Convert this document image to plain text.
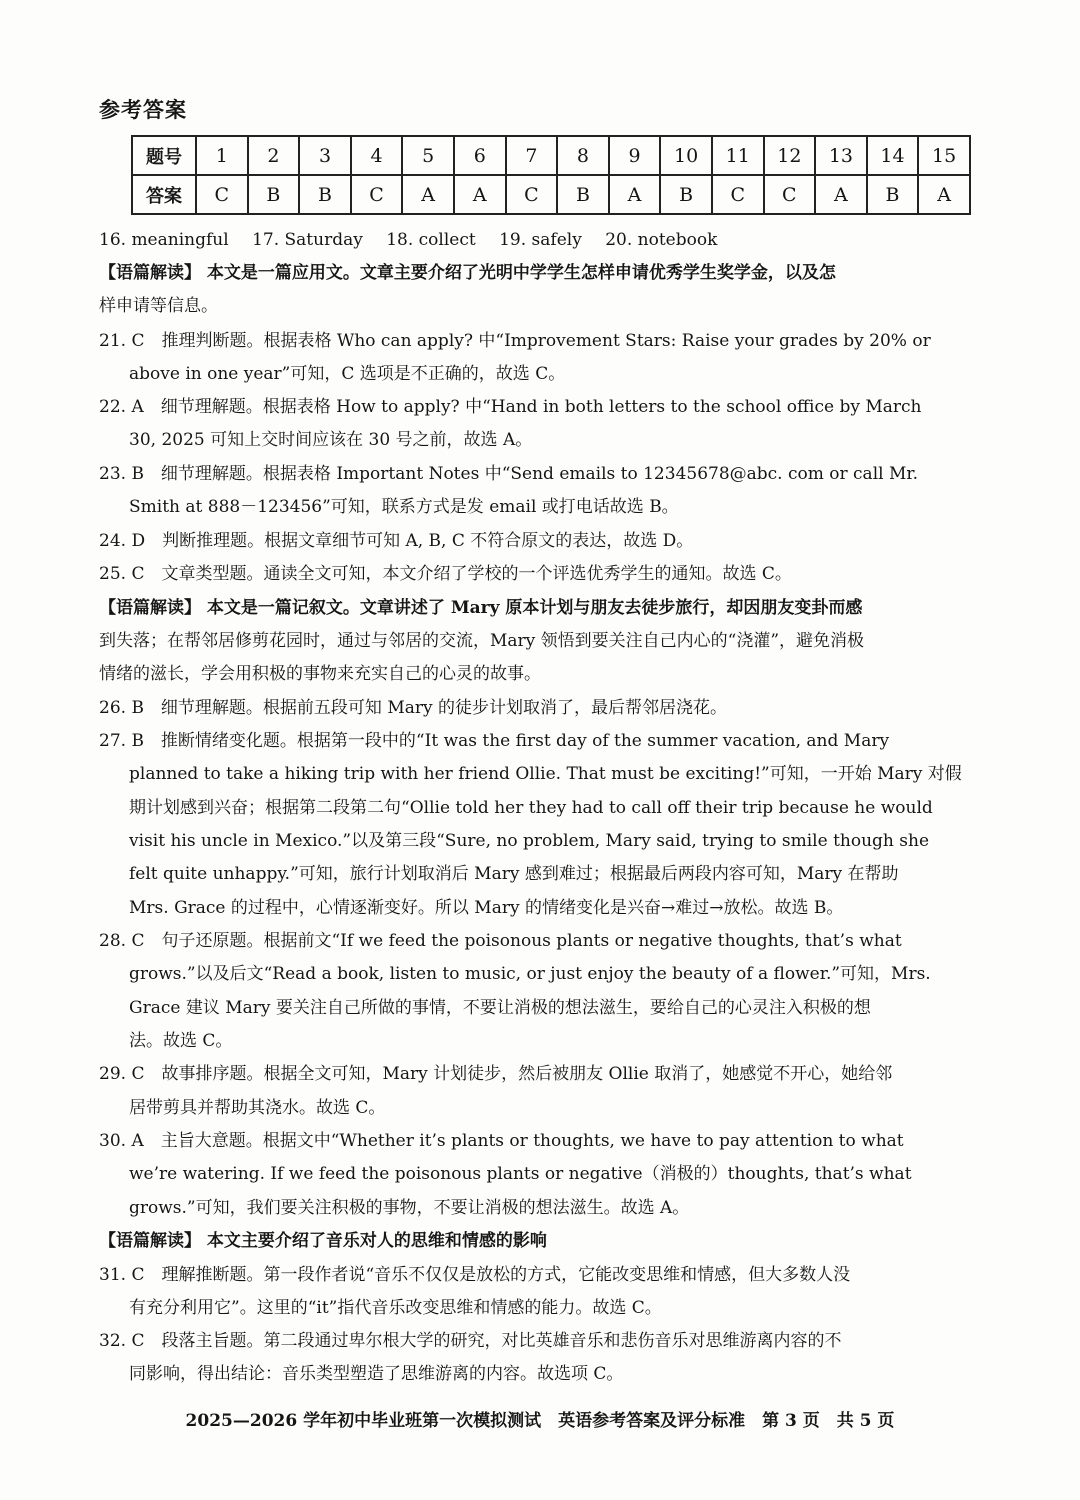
参考答案
题号	1	2	3	4	5	6	7	8	9	10	11	12	13	14	15
答案	C	B	B	C	A	A	C	B	A	B	C	C	A	B	A
16. meaningful 17. Saturday 18. collect 19. safely 20. notebook
【语篇解读】 本文是一篇应用文。文章主要介绍了光明中学学生怎样申请优秀学生奖学金，以及怎
样申请等信息。
21. C　推理判断题。根据表格 Who can apply? 中“Improvement Stars: Raise your grades by 20% or
above in one year”可知，C 选项是不正确的，故选 C。
22. A　细节理解题。根据表格 How to apply? 中“Hand in both letters to the school office by March
30, 2025 可知上交时间应该在 30 号之前，故选 A。
23. B　细节理解题。根据表格 Important Notes 中“Send emails to 12345678@abc. com or call Mr.
Smith at 888－123456”可知，联系方式是发 email 或打电话故选 B。
24. D　判断推理题。根据文章细节可知 A, B, C 不符合原文的表达，故选 D。
25. C　文章类型题。通读全文可知，本文介绍了学校的一个评选优秀学生的通知。故选 C。
【语篇解读】 本文是一篇记叙文。文章讲述了 Mary 原本计划与朋友去徒步旅行，却因朋友变卦而感
到失落；在帮邻居修剪花园时，通过与邻居的交流，Mary 领悟到要关注自己内心的“浇灌”，避免消极
情绪的滋长，学会用积极的事物来充实自己的心灵的故事。
26. B　细节理解题。根据前五段可知 Mary 的徒步计划取消了，最后帮邻居浇花。
27. B　推断情绪变化题。根据第一段中的“It was the first day of the summer vacation, and Mary
planned to take a hiking trip with her friend Ollie. That must be exciting!”可知，一开始 Mary 对假
期计划感到兴奋；根据第二段第二句“Ollie told her they had to call off their trip because he would
visit his uncle in Mexico.”以及第三段“Sure, no problem, Mary said, trying to smile though she
felt quite unhappy.”可知，旅行计划取消后 Mary 感到难过；根据最后两段内容可知，Mary 在帮助
Mrs. Grace 的过程中，心情逐渐变好。所以 Mary 的情绪变化是兴奋→难过→放松。故选 B。
28. C　句子还原题。根据前文“If we feed the poisonous plants or negative thoughts, that’s what
grows.”以及后文“Read a book, listen to music, or just enjoy the beauty of a flower.”可知，Mrs.
Grace 建议 Mary 要关注自己所做的事情，不要让消极的想法滋生，要给自己的心灵注入积极的想
法。故选 C。
29. C　故事排序题。根据全文可知，Mary 计划徒步，然后被朋友 Ollie 取消了，她感觉不开心，她给邻
居带剪具并帮助其浇水。故选 C。
30. A　主旨大意题。根据文中“Whether it’s plants or thoughts, we have to pay attention to what
we’re watering. If we feed the poisonous plants or negative（消极的）thoughts, that’s what
grows.”可知，我们要关注积极的事物，不要让消极的想法滋生。故选 A。
【语篇解读】 本文主要介绍了音乐对人的思维和情感的影响
31. C　理解推断题。第一段作者说“音乐不仅仅是放松的方式，它能改变思维和情感，但大多数人没
有充分利用它”。这里的“it”指代音乐改变思维和情感的能力。故选 C。
32. C　段落主旨题。第二段通过卑尔根大学的研究，对比英雄音乐和悲伤音乐对思维游离内容的不
同影响，得出结论：音乐类型塑造了思维游离的内容。故选项 C。
2025—2026 学年初中毕业班第一次模拟测试　英语参考答案及评分标准　第 3 页　共 5 页
